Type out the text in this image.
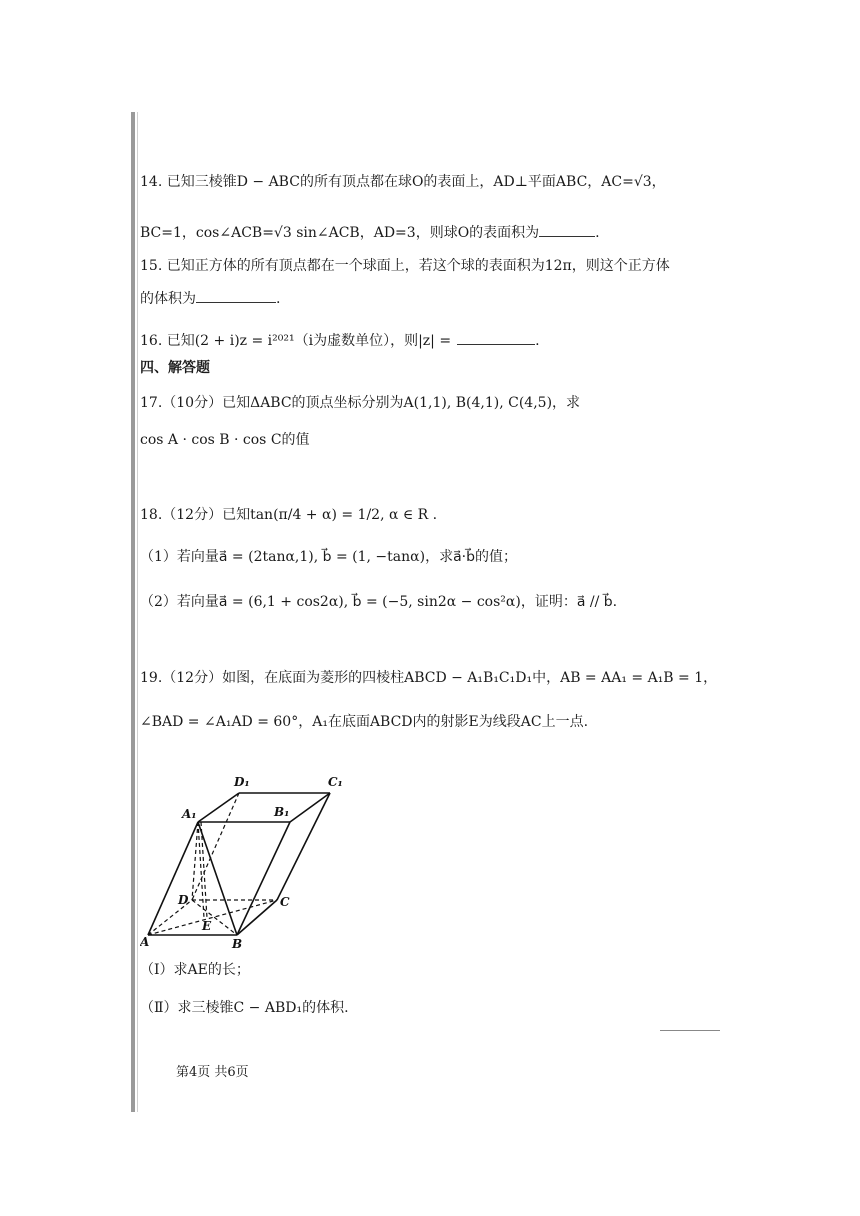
14. 已知三棱锥D − ABC的所有顶点都在球O的表面上，AD⊥平面ABC，AC=√3，
BC=1，cos∠ACB=√3 sin∠ACB，AD=3，则球O的表面积为	.
15. 已知正方体的所有顶点都在一个球面上，若这个球的表面积为12π，则这个正方体
的体积为	.
16. 已知(2 + i)z = i²⁰²¹（i为虚数单位），则|z| =	.
四、解答题
17.（10分）已知ΔABC的顶点坐标分别为A(1,1), B(4,1), C(4,5)，求
cos A · cos B · cos C的值
18.（12分）已知tan(π/4 + α) = 1/2, α ∈ R .
（1）若向量a⃗ = (2tanα,1), b⃗ = (1, −tanα)，求a⃗·b⃗的值；
（2）若向量a⃗ = (6,1 + cos2α), b⃗ = (−5, sin2α − cos²α)，证明：a⃗ // b⃗.
19.（12分）如图，在底面为菱形的四棱柱ABCD − A₁B₁C₁D₁中，AB = AA₁ = A₁B = 1，
∠BAD = ∠A₁AD = 60°，A₁在底面ABCD内的射影E为线段AC上一点.
D₁	C₁
A₁	B₁
D	C
E
A	B
（Ⅰ）求AE的长；
（Ⅱ）求三棱锥C − ABD₁的体积.
第4页 共6页
